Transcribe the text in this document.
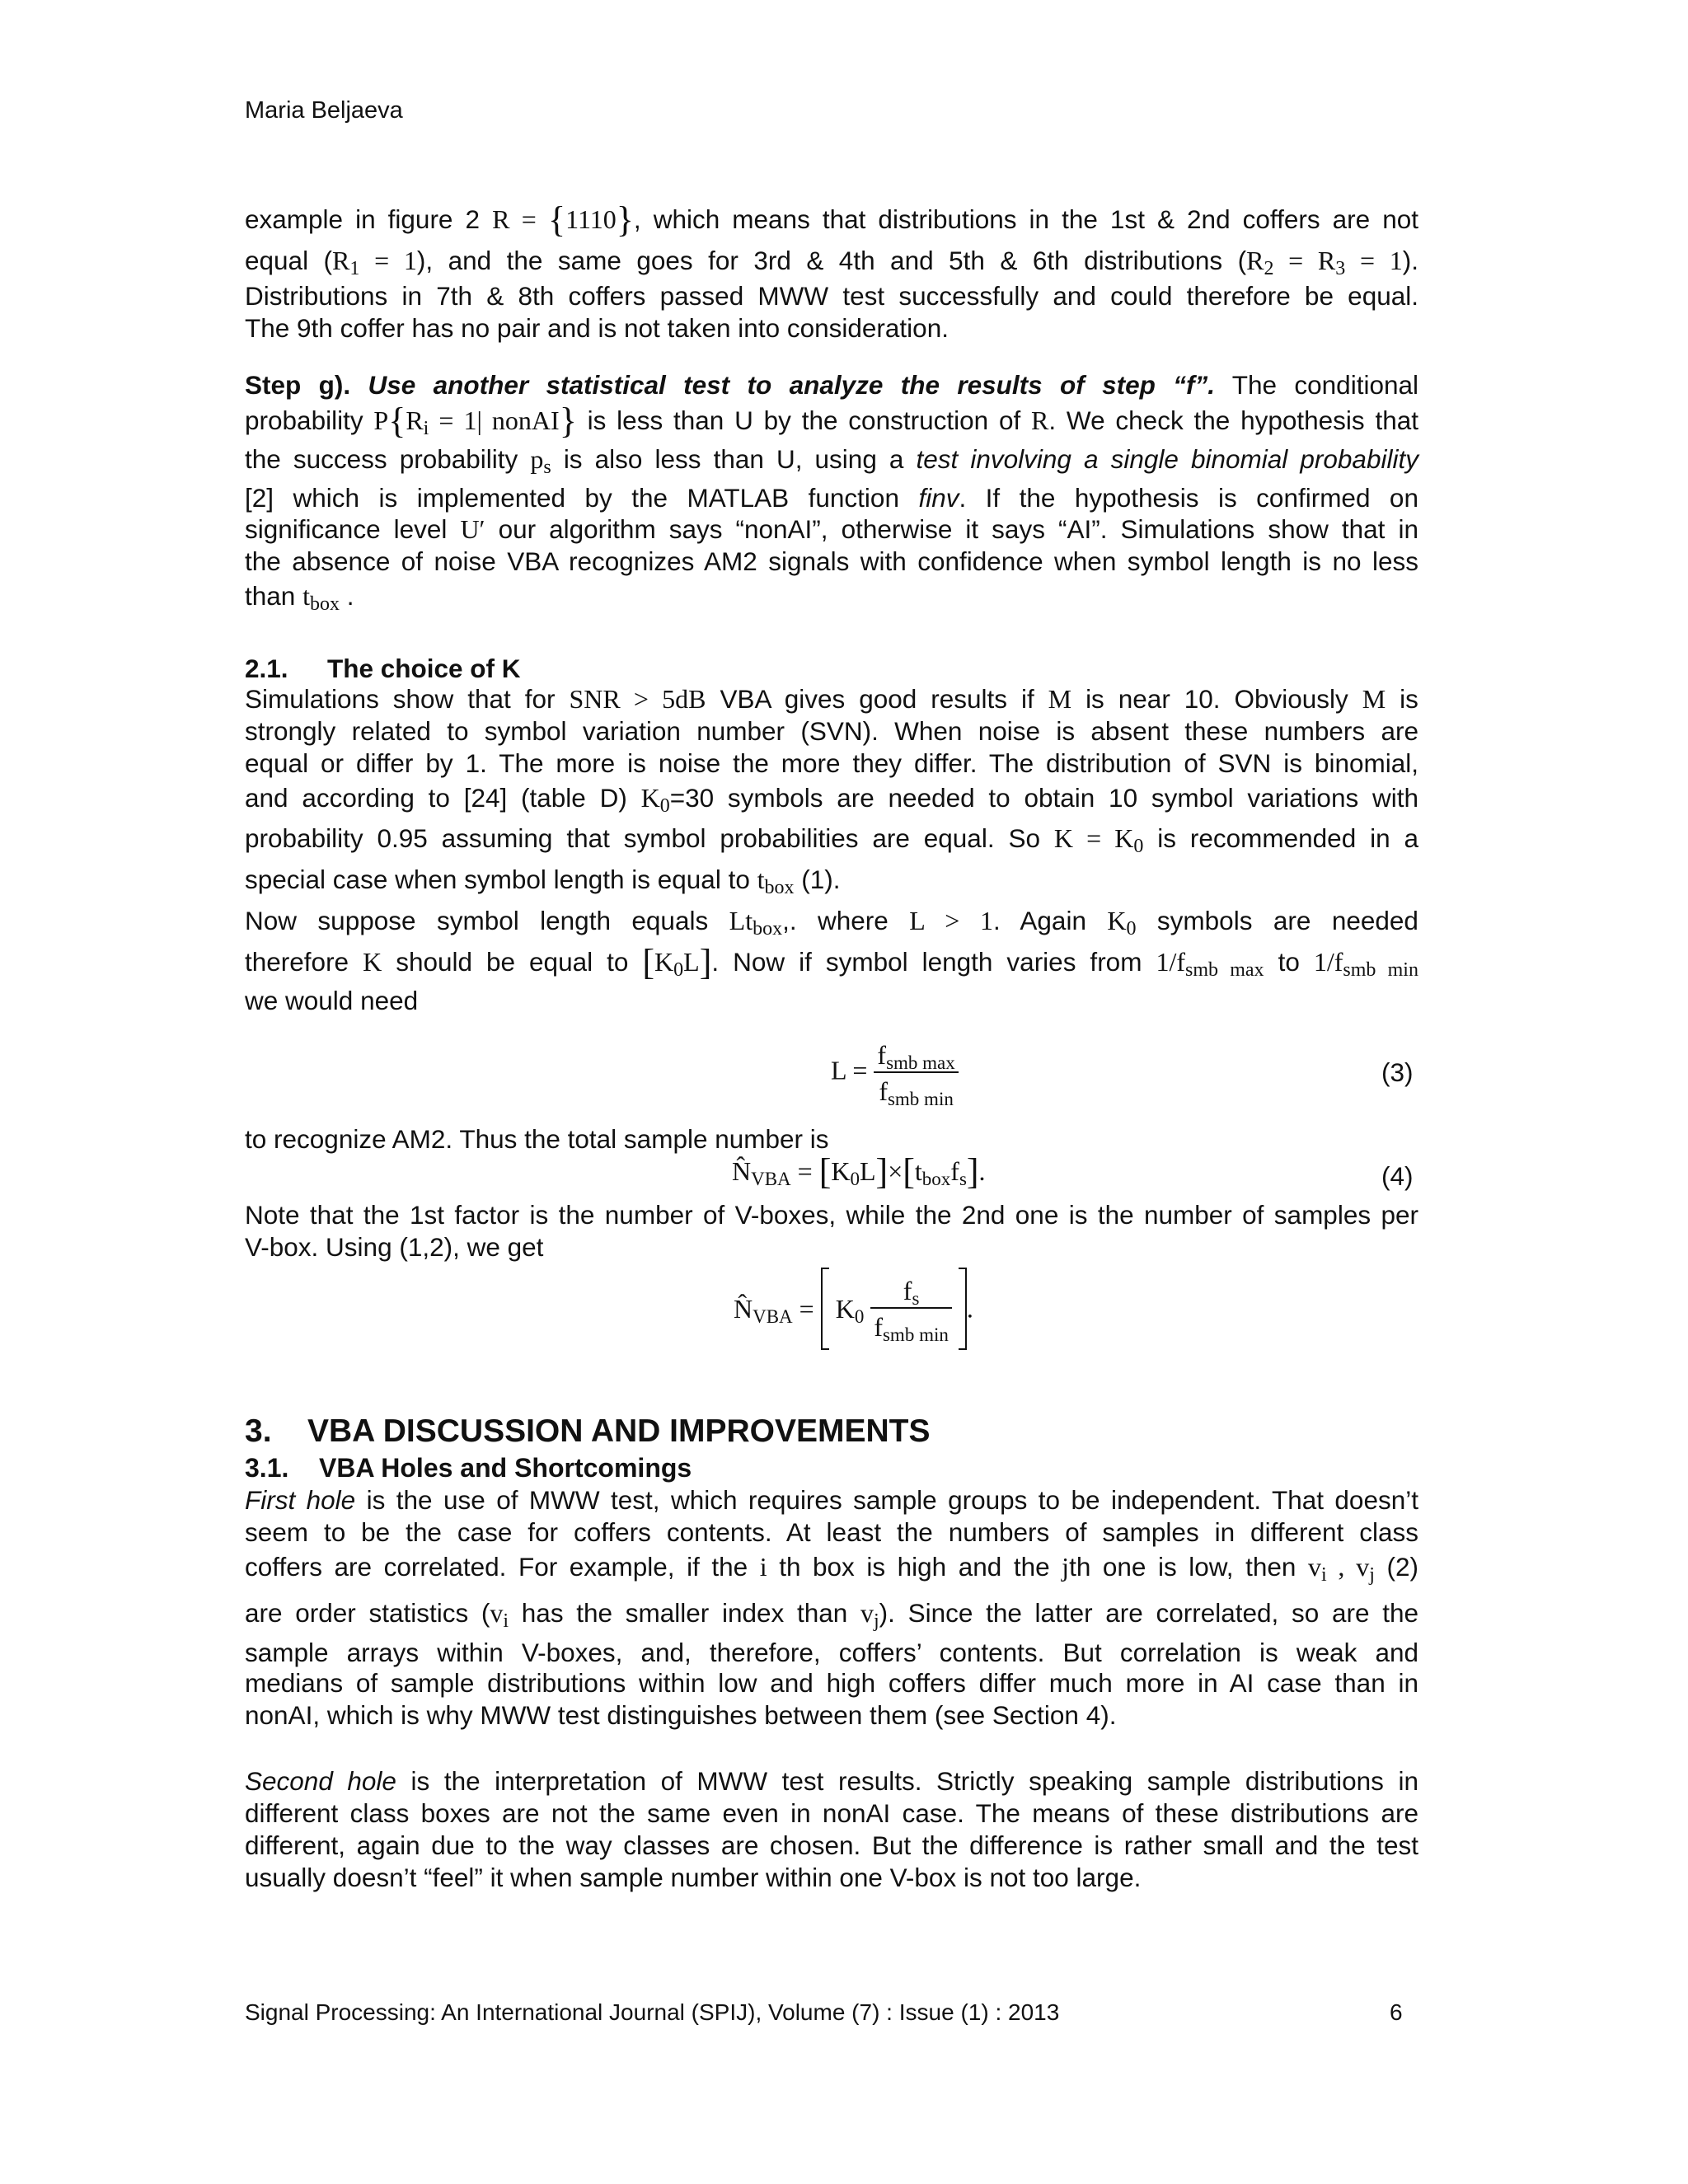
Maria Beljaeva
example in figure 2 R = {1110}, which means that distributions in the 1st & 2nd coffers are not
equal $(R_1 = 1)$, and the same goes for 3rd & 4th and 5th & 6th distributions $(R_2 = R_3 = 1)$.
Distributions in 7th & 8th coffers passed MWW test successfully and could therefore be equal.
The 9th coffer has no pair and is not taken into consideration.
Step g). Use another statistical test to analyze the results of step “f”. The conditional
probability $P\{R_i = 1|$ nonAI} is less than U by the construction of R. We check the hypothesis that
the success probability $p_s$ is also less than U, using a test involving a single binomial probability
[2] which is implemented by the MATLAB function finv. If the hypothesis is confirmed on
significance level U′ our algorithm says “nonAI”, otherwise it says “AI”. Simulations show that in
the absence of noise VBA recognizes AM2 signals with confidence when symbol length is no less
than $t_{box}$ .
2.1. The choice of K
Simulations show that for SNR > 5dB VBA gives good results if M is near 10. Obviously M is
strongly related to symbol variation number (SVN). When noise is absent these numbers are
equal or differ by 1. The more is noise the more they differ. The distribution of SVN is binomial,
and according to [24] (table D) $K_0=30$ symbols are needed to obtain 10 symbol variations with
probability 0.95 assuming that symbol probabilities are equal. So $K = K_0$ is recommended in a
special case when symbol length is equal to $t_{box}$ (1).
Now suppose symbol length equals $Lt_{box}$,. where L > 1. Again $K_0$ symbols are needed
therefore K should be equal to $[K_0L]$. Now if symbol length varies from $1/f_{smb max}$ to $1/f_{smb min}$
we would need
$L = \frac{f_{smb max}}{f_{smb min}}$	(3)
to recognize AM2. Thus the total sample number is
$N̂_{VBA} = [K_0L]\times[t_{box}f_s]$.	(4)
Note that the 1st factor is the number of V-boxes, while the 2nd one is the number of samples per
V-box. Using (1,2), we get
$N̂_{VBA} = K_0 \frac{f_s}{f_{smb min}}$ .
3. VBA DISCUSSION AND IMPROVEMENTS
3.1. VBA Holes and Shortcomings
First hole is the use of MWW test, which requires sample groups to be independent. That doesn’t
seem to be the case for coffers contents. At least the numbers of samples in different class
coffers are correlated. For example, if the i th box is high and the jth one is low, then $v_i$ , $v_j$ (2)
are order statistics ($v_i$ has the smaller index than $v_j$). Since the latter are correlated, so are the
sample arrays within V-boxes, and, therefore, coffers’ contents. But correlation is weak and
medians of sample distributions within low and high coffers differ much more in AI case than in
nonAI, which is why MWW test distinguishes between them (see Section 4).
Second hole is the interpretation of MWW test results. Strictly speaking sample distributions in
different class boxes are not the same even in nonAI case. The means of these distributions are
different, again due to the way classes are chosen. But the difference is rather small and the test
usually doesn’t “feel” it when sample number within one V-box is not too large.
Signal Processing: An International Journal (SPIJ), Volume (7) : Issue (1) : 2013	6
